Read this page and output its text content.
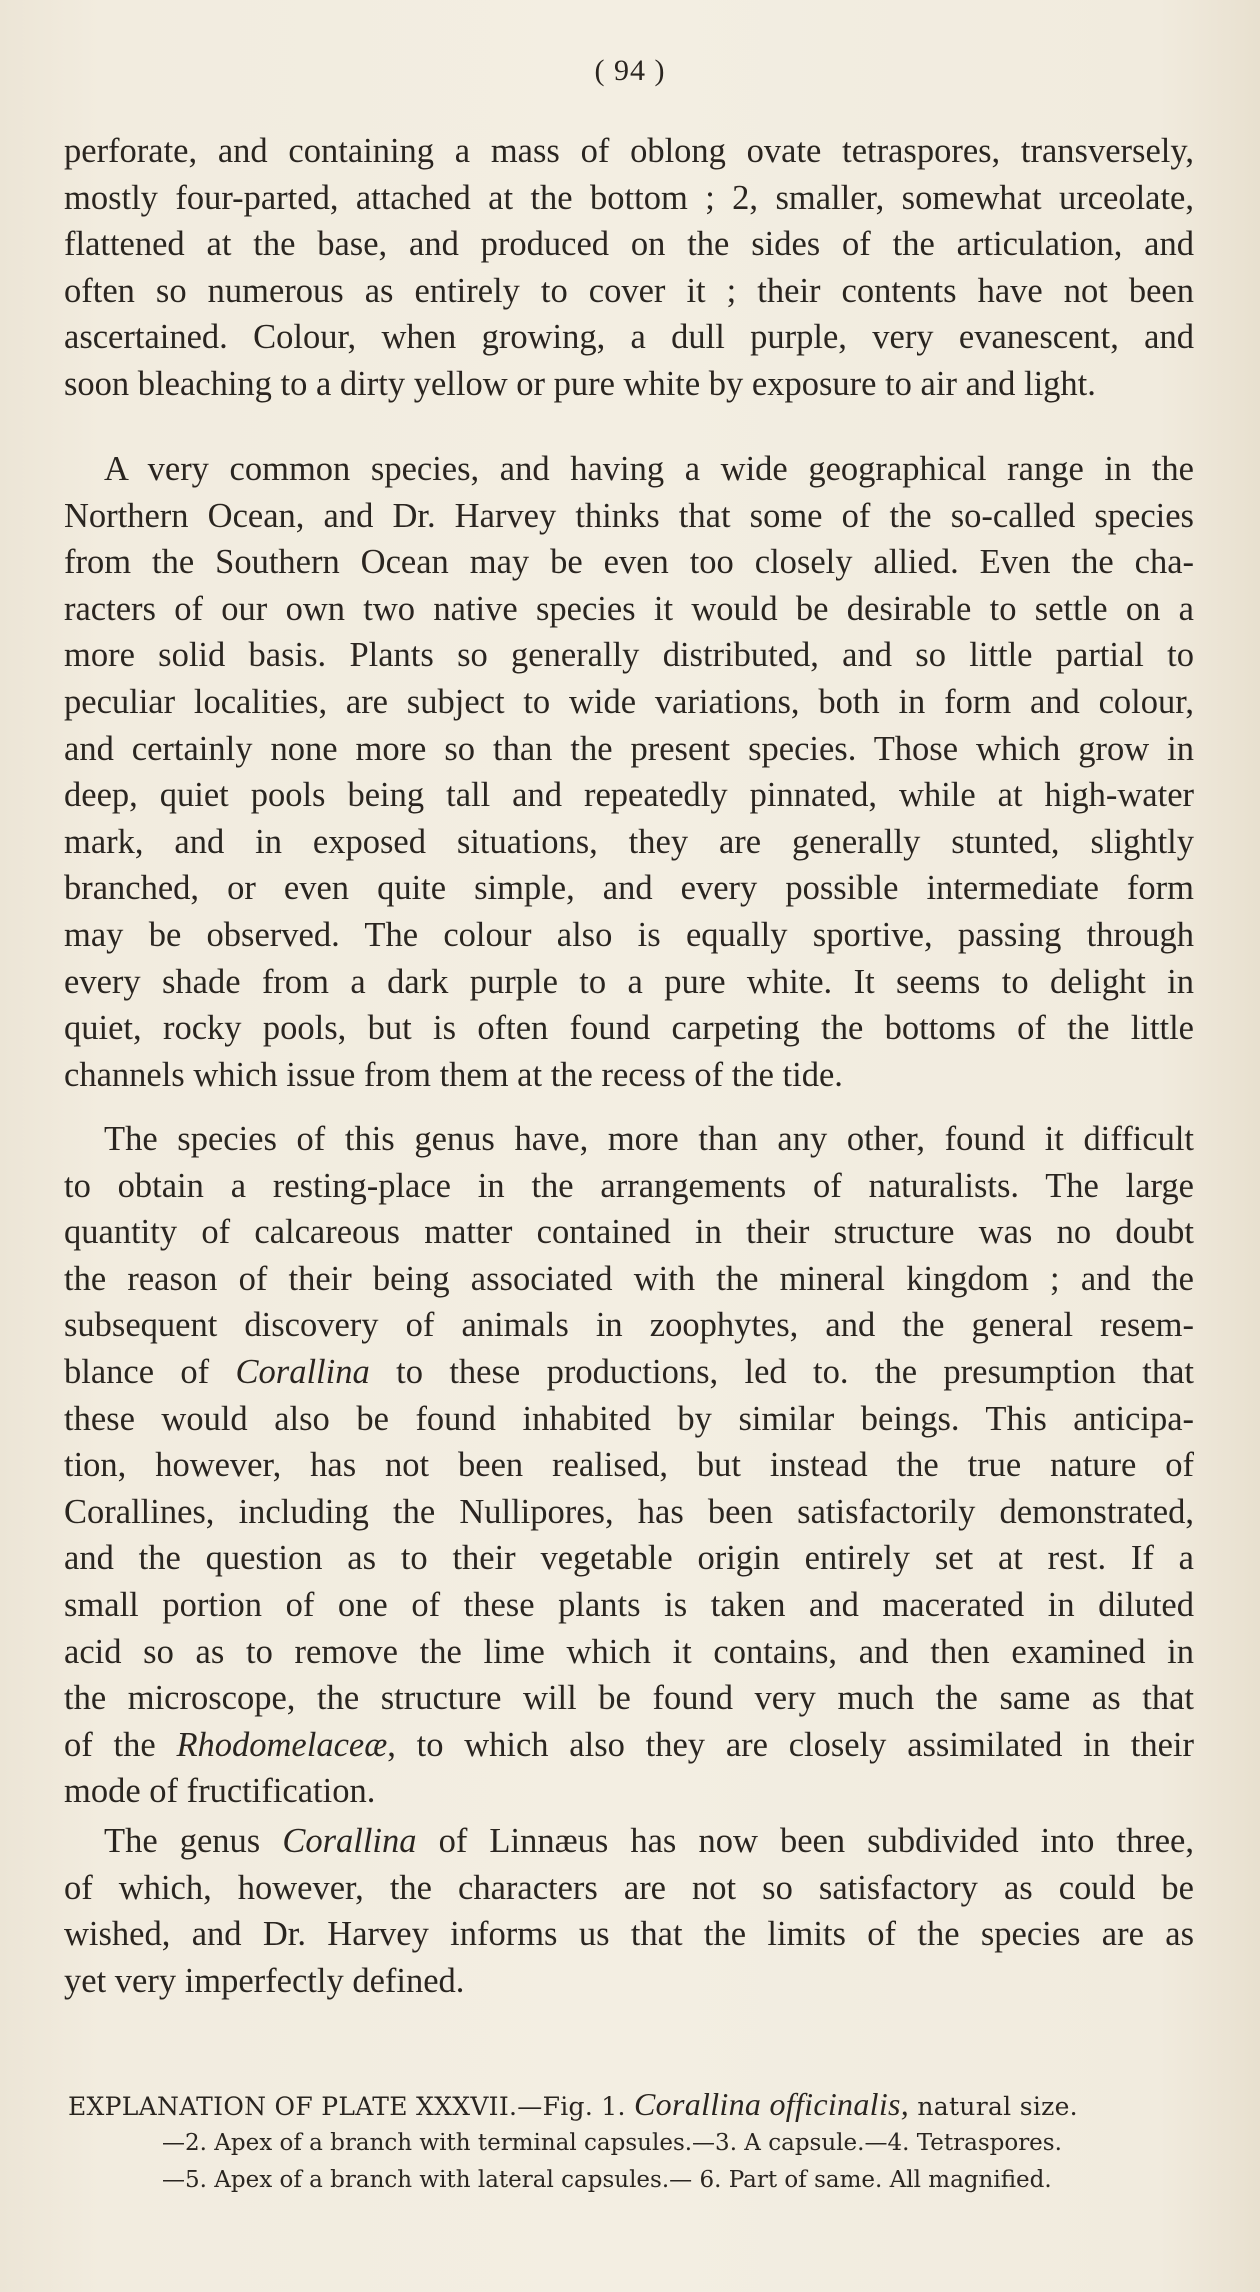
( 94 )
perforate, and containing a mass of oblong ovate tetraspores, transversely,
mostly four-parted, attached at the bottom ; 2, smaller, somewhat urceolate,
flattened at the base, and produced on the sides of the articulation, and
often so numerous as entirely to cover it ; their contents have not been
ascertained. Colour, when growing, a dull purple, very evanescent, and
soon bleaching to a dirty yellow or pure white by exposure to air and light.
A very common species, and having a wide geographical range in the
Northern Ocean, and Dr. Harvey thinks that some of the so-called species
from the Southern Ocean may be even too closely allied. Even the cha-
racters of our own two native species it would be desirable to settle on a
more solid basis. Plants so generally distributed, and so little partial to
peculiar localities, are subject to wide variations, both in form and colour,
and certainly none more so than the present species. Those which grow in
deep, quiet pools being tall and repeatedly pinnated, while at high-water
mark, and in exposed situations, they are generally stunted, slightly
branched, or even quite simple, and every possible intermediate form
may be observed. The colour also is equally sportive, passing through
every shade from a dark purple to a pure white. It seems to delight in
quiet, rocky pools, but is often found carpeting the bottoms of the little
channels which issue from them at the recess of the tide.
The species of this genus have, more than any other, found it difficult
to obtain a resting-place in the arrangements of naturalists. The large
quantity of calcareous matter contained in their structure was no doubt
the reason of their being associated with the mineral kingdom ; and the
subsequent discovery of animals in zoophytes, and the general resem-
blance of Corallina to these productions, led to. the presumption that
these would also be found inhabited by similar beings. This anticipa-
tion, however, has not been realised, but instead the true nature of
Corallines, including the Nullipores, has been satisfactorily demonstrated,
and the question as to their vegetable origin entirely set at rest. If a
small portion of one of these plants is taken and macerated in diluted
acid so as to remove the lime which it contains, and then examined in
the microscope, the structure will be found very much the same as that
of the Rhodomelaceæ, to which also they are closely assimilated in their
mode of fructification.
The genus Corallina of Linnæus has now been subdivided into three,
of which, however, the characters are not so satisfactory as could be
wished, and Dr. Harvey informs us that the limits of the species are as
yet very imperfectly defined.
EXPLANATION OF PLATE XXXVII.—Fig. 1. Corallina officinalis, natural size.
—2. Apex of a branch with terminal capsules.—3. A capsule.—4. Tetraspores.
—5. Apex of a branch with lateral capsules.— 6. Part of same. All magnified.
